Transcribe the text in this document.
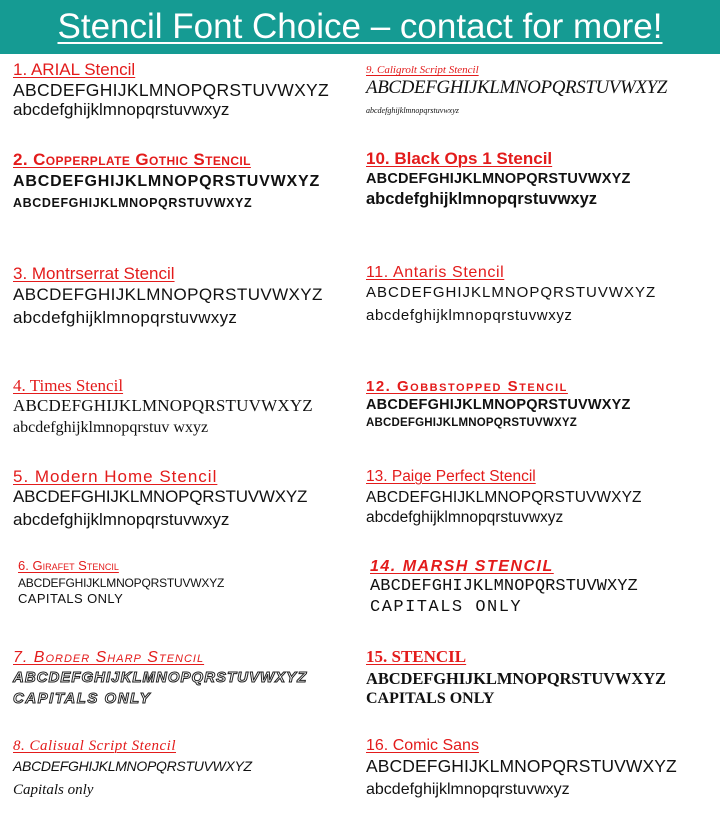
Stencil Font Choice – contact for more!
1. ARIAL Stencil
ABCDEFGHIJKLMNOPQRSTUVWXYZ
abcdefghijklmnopqrstuvwxyz
2. Copperplate Gothic Stencil
ABCDEFGHIJKLMNOPQRSTUVWXYZ
ABCDEFGHIJKLMNOPQRSTUVWXYZ
3. Montrserrat Stencil
ABCDEFGHIJKLMNOPQRSTUVWXYZ
abcdefghijklmnopqrstuvwxyz
4. Times Stencil
ABCDEFGHIJKLMNOPQRSTUVWXYZ
abcdefghijklmnopqrstuv wxyz
5. Modern Home Stencil
ABCDEFGHIJKLMNOPQRSTUVWXYZ
abcdefghijklmnopqrstuvwxyz
6. Girafet Stencil
ABCDEFGHIJKLMNOPQRSTUVWXYZ
CAPITALS ONLY
7. Border Sharp Stencil
ABCDEFGHIJKLMNOPQRSTUVWXYZ
CAPITALS ONLY
8. Calisual Script Stencil
ABCDEFGHIJKLMNOPQRSTUVWXYZ
Capitals only
9. Caligrolt Script Stencil
ABCDEFGHIJKLMNOPQRSTUVWXYZ
abcdefghijklmnopqrstuvwxyz
10. Black Ops 1 Stencil
ABCDEFGHIJKLMNOPQRSTUVWXYZ
abcdefghijklmnopqrstuvwxyz
11. Antaris Stencil
ABCDEFGHIJKLMNOPQRSTUVWXYZ
abcdefghijklmnopqrstuvwxyz
12. Gobbstopped Stencil
ABCDEFGHIJKLMNOPQRSTUVWXYZ
ABCDEFGHIJKLMNOPQRSTUVWXYZ
13. Paige Perfect Stencil
ABCDEFGHIJKLMNOPQRSTUVWXYZ
abcdefghijklmnopqrstuvwxyz
14. MARSH STENCIL
ABCDEFGHIJKLMNOPQRSTUVWXYZ
CAPITALS ONLY
15. STENCIL
ABCDEFGHIJKLMNOPQRSTUVWXYZ
CAPITALS ONLY
16. Comic Sans
ABCDEFGHIJKLMNOPQRSTUVWXYZ
abcdefghijklmnopqrstuvwxyz
